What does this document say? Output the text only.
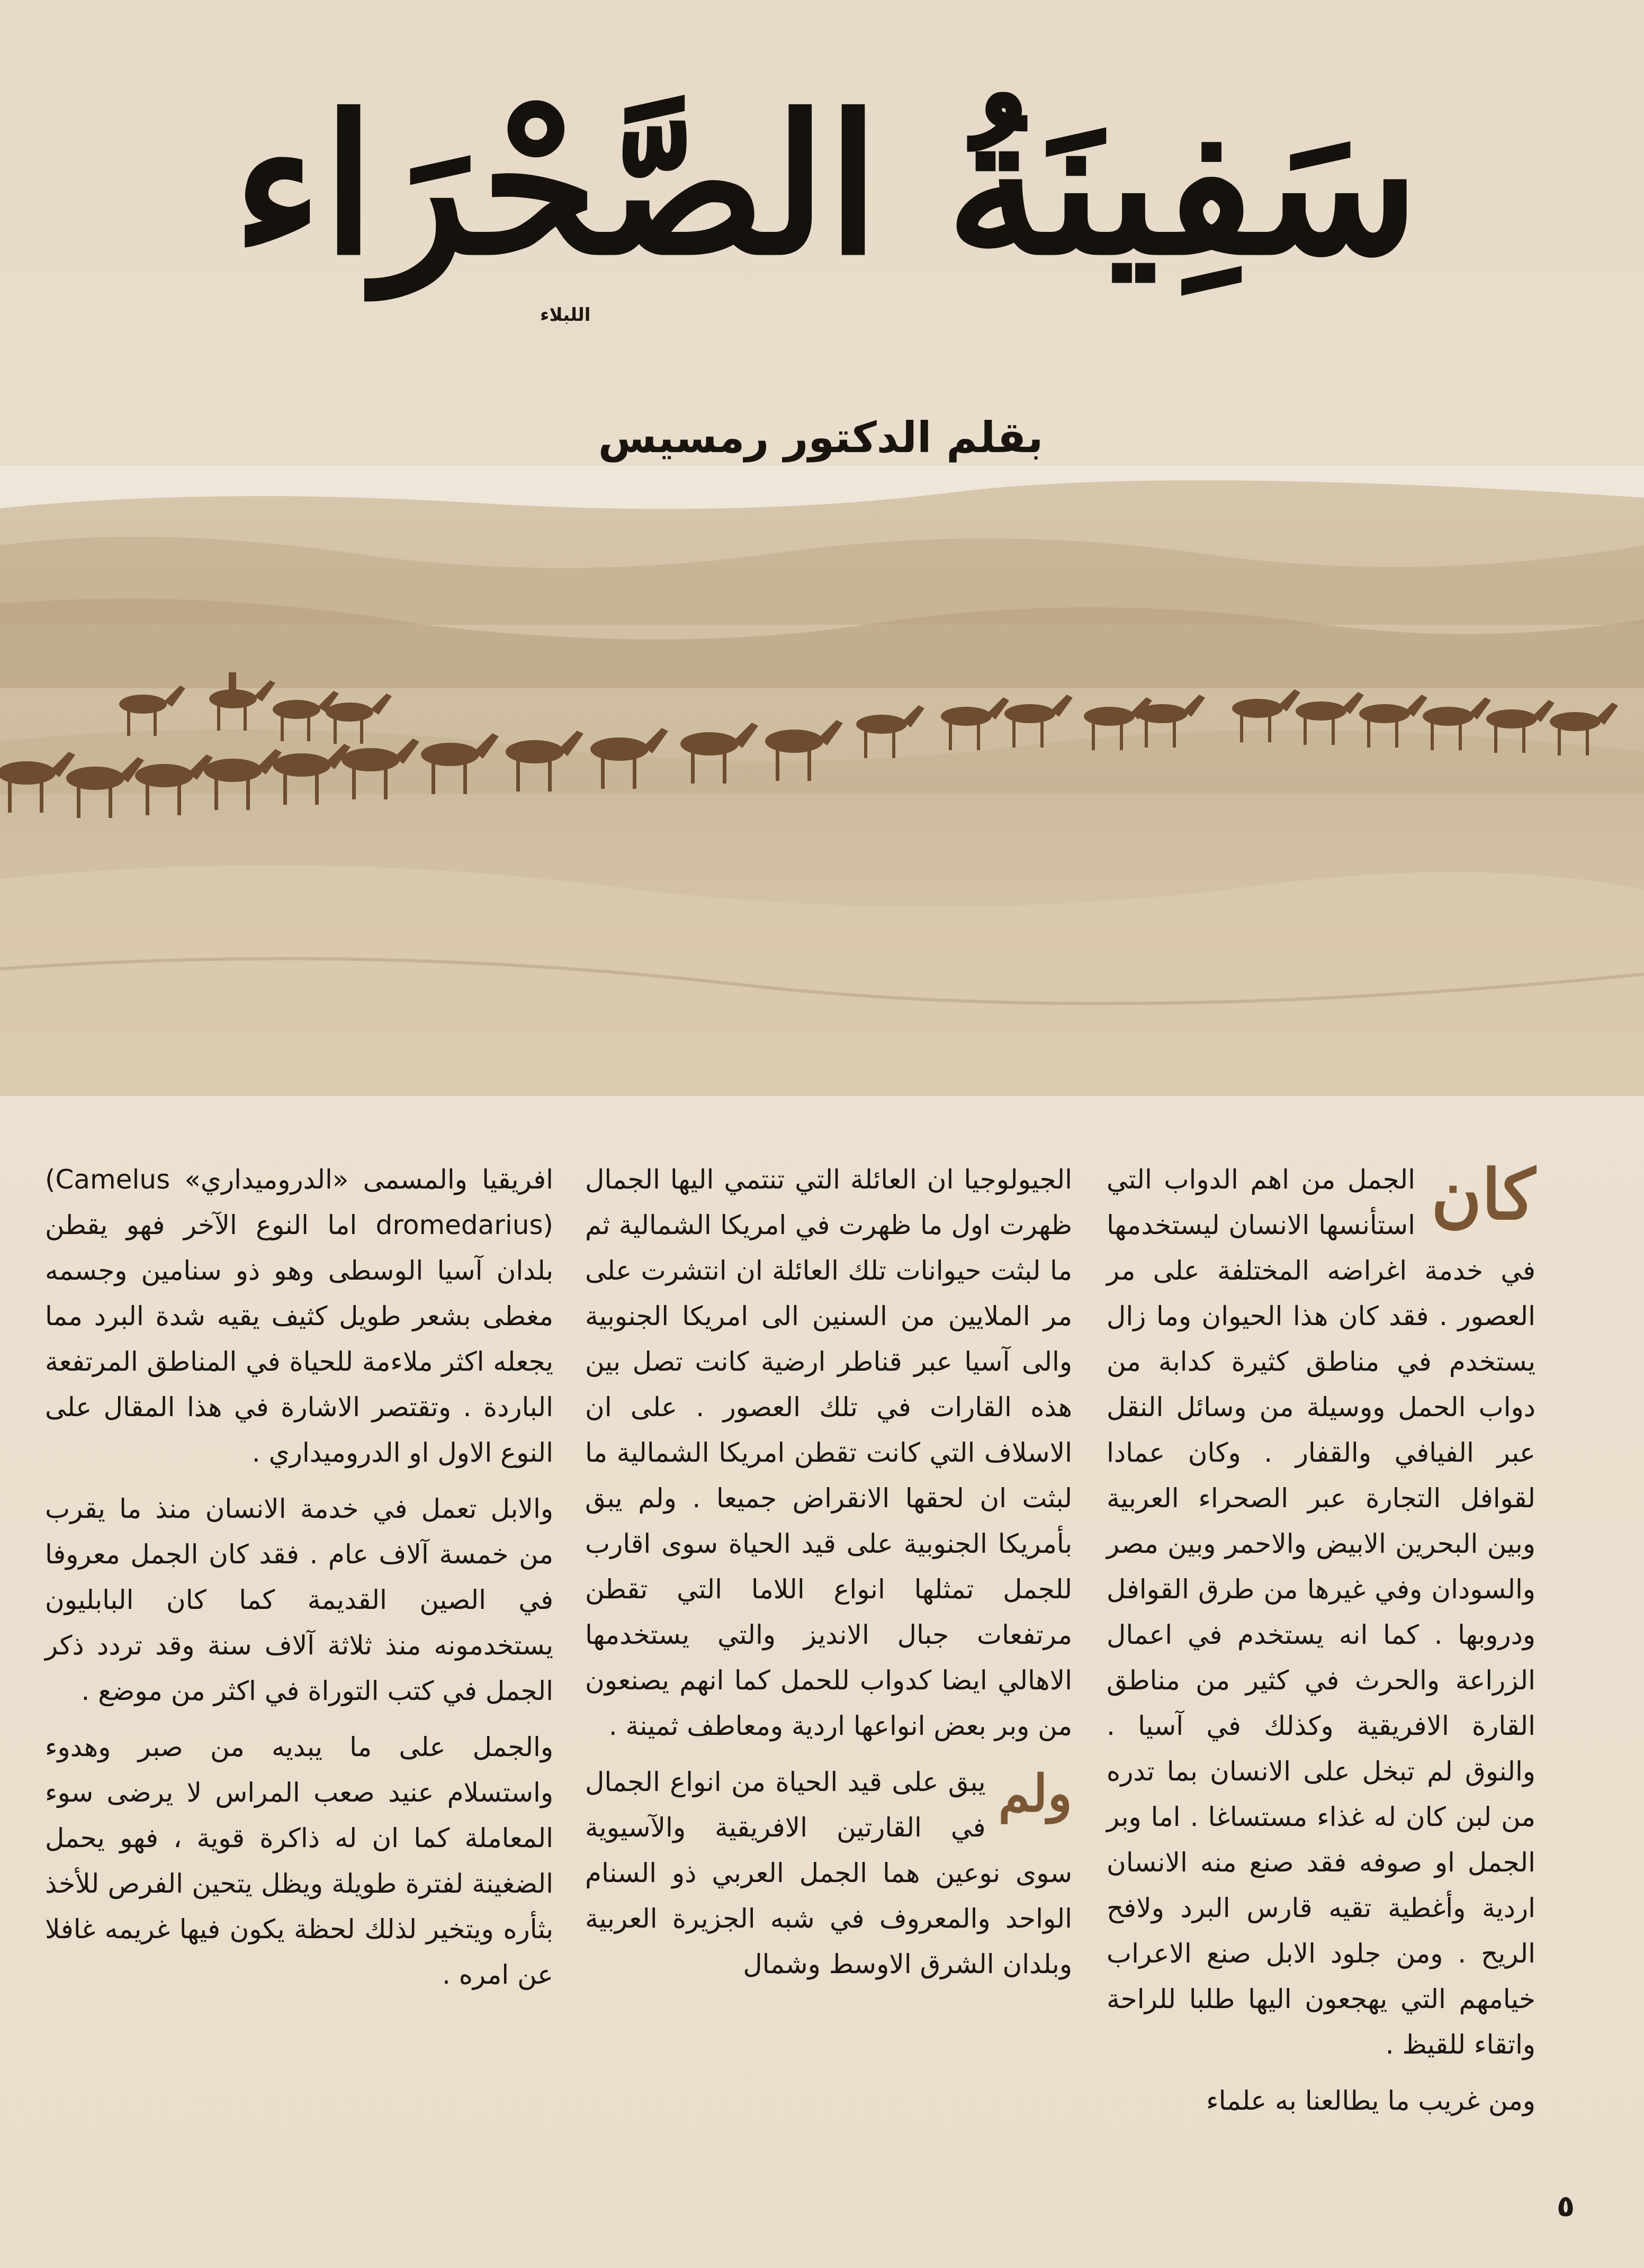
سَفِينَةُ الصَّحْرَاء
اللبلاء
بقلم الدكتور رمسيس
كان

الجمل من اهم الدواب التي استأنسها الانسان ليستخدمها في خدمة اغراضه المختلفة على مر العصور . فقد كان هذا الحيوان وما زال يستخدم في مناطق كثيرة كدابة من دواب الحمل ووسيلة من وسائل النقل عبر الفيافي والقفار . وكان عمادا لقوافل التجارة عبر الصحراء العربية وبين البحرين الابيض والاحمر وبين مصر والسودان وفي غيرها من طرق القوافل ودروبها . كما انه يستخدم في اعمال الزراعة والحرث في كثير من مناطق القارة الافريقية وكذلك في آسيا . والنوق لم تبخل على الانسان بما تدره من لبن كان له غذاء مستساغا . اما وبر الجمل او صوفه فقد صنع منه الانسان اردية وأغطية تقيه قارس البرد ولافح الريح . ومن جلود الابل صنع الاعراب خيامهم التي يهجعون اليها طلبا للراحة واتقاء للقيظ .

ومن غريب ما يطالعنا به علماء

الجيولوجيا ان العائلة التي تنتمي اليها الجمال ظهرت اول ما ظهرت في امريكا الشمالية ثم ما لبثت حيوانات تلك العائلة ان انتشرت على مر الملايين من السنين الى امريكا الجنوبية والى آسيا عبر قناطر ارضية كانت تصل بين هذه القارات في تلك العصور . على ان الاسلاف التي كانت تقطن امريكا الشمالية ما لبثت ان لحقها الانقراض جميعا . ولم يبق بأمريكا الجنوبية على قيد الحياة سوى اقارب للجمل تمثلها انواع اللاما التي تقطن مرتفعات جبال الانديز والتي يستخدمها الاهالي ايضا كدواب للحمل كما انهم يصنعون من وبر بعض انواعها اردية ومعاطف ثمينة .

ولم
يبق على قيد الحياة من انواع الجمال في القارتين الافريقية والآسيوية سوى نوعين هما الجمل العربي ذو السنام الواحد والمعروف في شبه الجزيرة العربية وبلدان الشرق الاوسط وشمال

افريقيا والمسمى «الدروميداري» (Camelus dromedarius) اما النوع الآخر فهو يقطن بلدان آسيا الوسطى وهو ذو سنامين وجسمه مغطى بشعر طويل كثيف يقيه شدة البرد مما يجعله اكثر ملاءمة للحياة في المناطق المرتفعة الباردة . وتقتصر الاشارة في هذا المقال على النوع الاول او الدروميداري .

والابل تعمل في خدمة الانسان منذ ما يقرب من خمسة آلاف عام . فقد كان الجمل معروفا في الصين القديمة كما كان البابليون يستخدمونه منذ ثلاثة آلاف سنة وقد تردد ذكر الجمل في كتب التوراة في اكثر من موضع .

والجمل على ما يبديه من صبر وهدوء واستسلام عنيد صعب المراس لا يرضى سوء المعاملة كما ان له ذاكرة قوية ، فهو يحمل الضغينة لفترة طويلة ويظل يتحين الفرص للأخذ بثأره ويتخير لذلك لحظة يكون فيها غريمه غافلا عن امره .

٥
